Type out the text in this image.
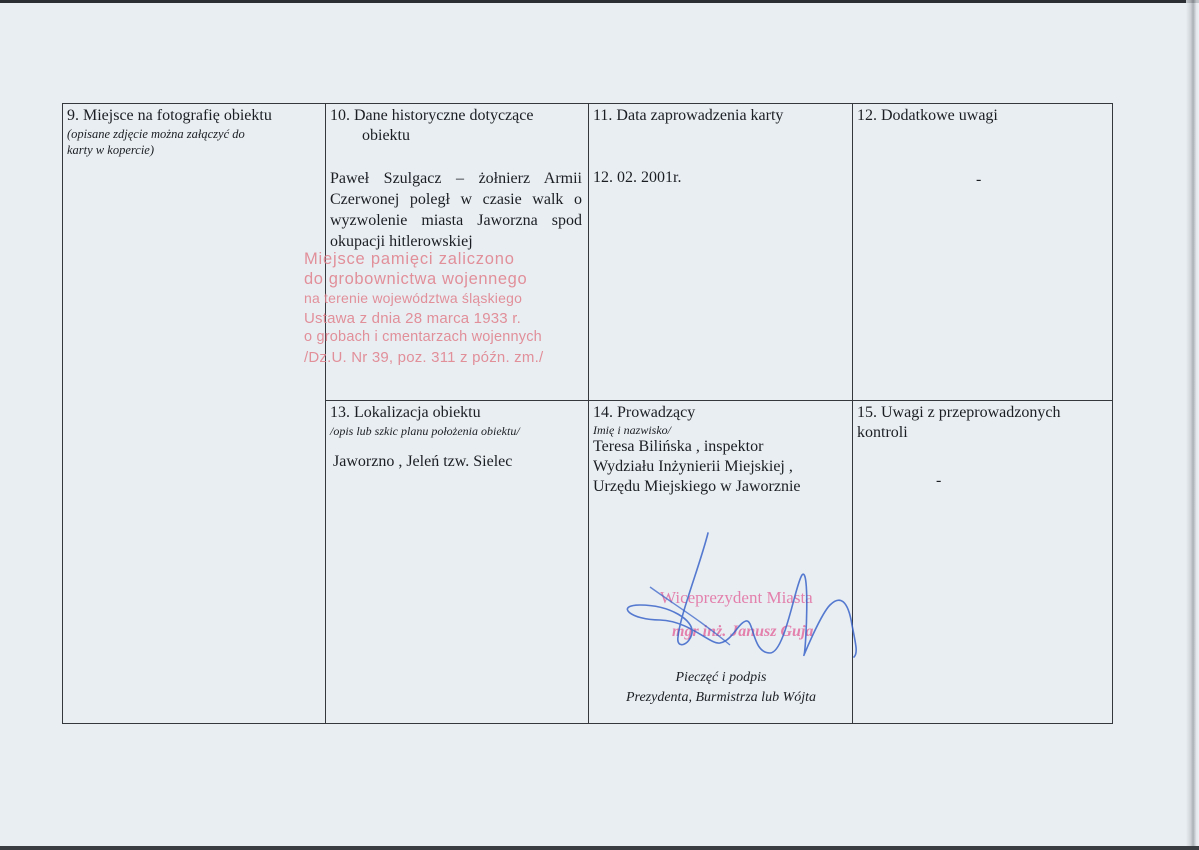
9. Miejsce na fotografię obiektu
(opisane zdjęcie można załączyć do
karty w kopercie)
10. Dane historyczne dotyczące
obiektu
Paweł Szulgacz – żołnierz Armii Czerwonej poległ w czasie walk o wyzwolenie miasta Jaworzna spod okupacji hitlerowskiej
11. Data zaprowadzenia karty
12. 02. 2001r.
12. Dodatkowe uwagi
-
13. Lokalizacja obiektu
/opis lub szkic planu położenia obiektu/
Jaworzno , Jeleń tzw. Sielec
14. Prowadzący
Imię i nazwisko/
Teresa Bilińska , inspektor
Wydziału Inżynierii Miejskiej ,
Urzędu Miejskiego w Jaworznie
15. Uwagi z przeprowadzonych
kontroli
-
Miejsce pamięci zaliczono
do grobownictwa wojennego
na terenie województwa śląskiego
Ustawa z dnia 28 marca 1933 r.
o grobach i cmentarzach wojennych
/Dz.U. Nr 39, poz. 311 z późn. zm./
Wiceprezydent Miasta
mgr inż. Janusz Guja
Pieczęć i podpis
Prezydenta, Burmistrza lub Wójta
